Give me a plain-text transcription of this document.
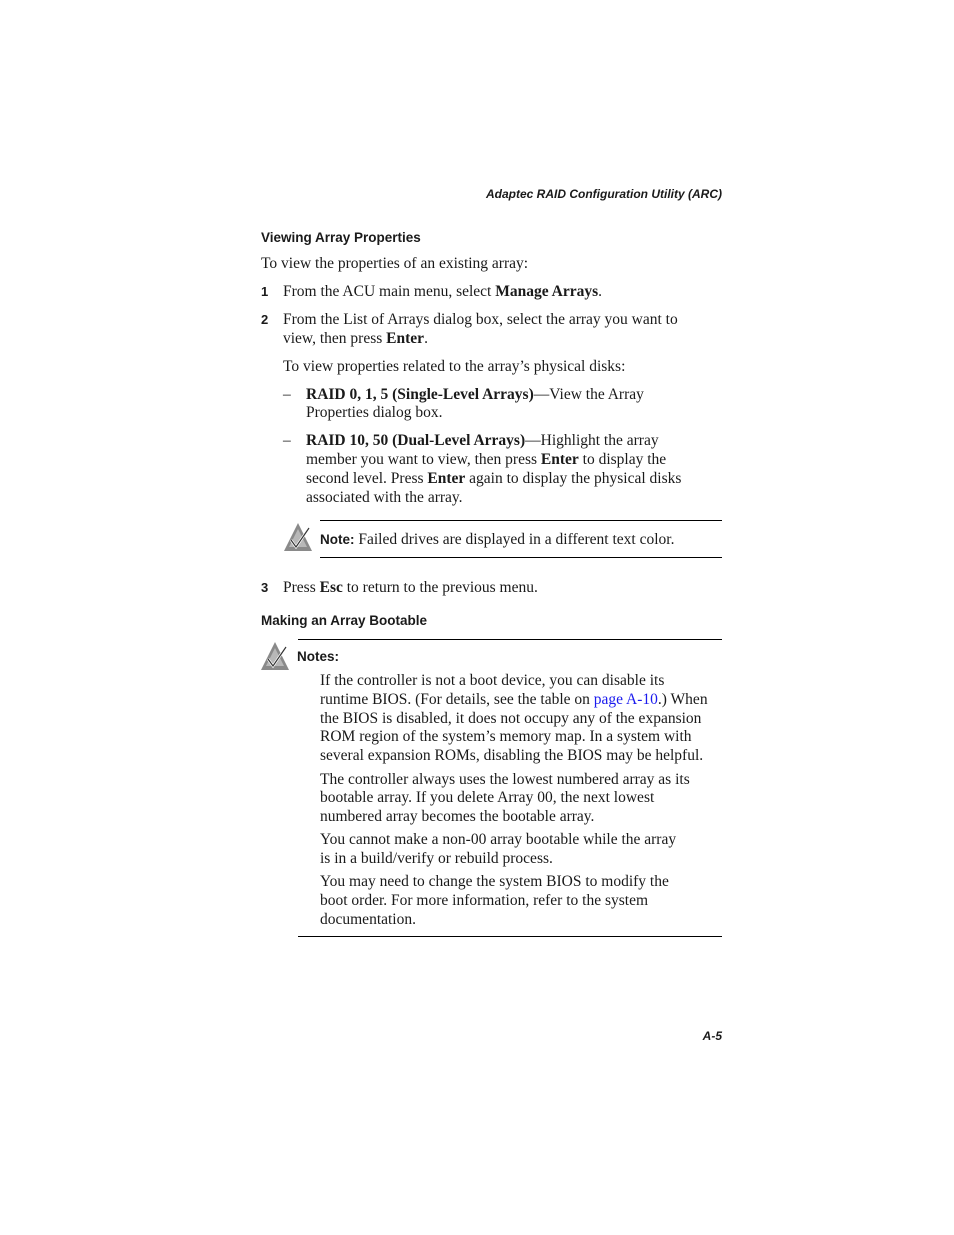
Adaptec RAID Configuration Utility (ARC)
Viewing Array Properties
To view the properties of an existing array:
1 From the ACU main menu, select Manage Arrays.
2 From the List of Arrays dialog box, select the array you want to
view, then press Enter.
To view properties related to the array’s physical disks:
– RAID 0, 1, 5 (Single-Level Arrays)—View the Array
Properties dialog box.
– RAID 10, 50 (Dual-Level Arrays)—Highlight the array
member you want to view, then press Enter to display the
second level. Press Enter again to display the physical disks
associated with the array.
Note: Failed drives are displayed in a different text color.
3 Press Esc to return to the previous menu.
Making an Array Bootable
Notes:
If the controller is not a boot device, you can disable its
runtime BIOS. (For details, see the table on page A-10.) When
the BIOS is disabled, it does not occupy any of the expansion
ROM region of the system’s memory map. In a system with
several expansion ROMs, disabling the BIOS may be helpful.
The controller always uses the lowest numbered array as its
bootable array. If you delete Array 00, the next lowest
numbered array becomes the bootable array.
You cannot make a non-00 array bootable while the array
is in a build/verify or rebuild process.
You may need to change the system BIOS to modify the
boot order. For more information, refer to the system
documentation.
A-5
